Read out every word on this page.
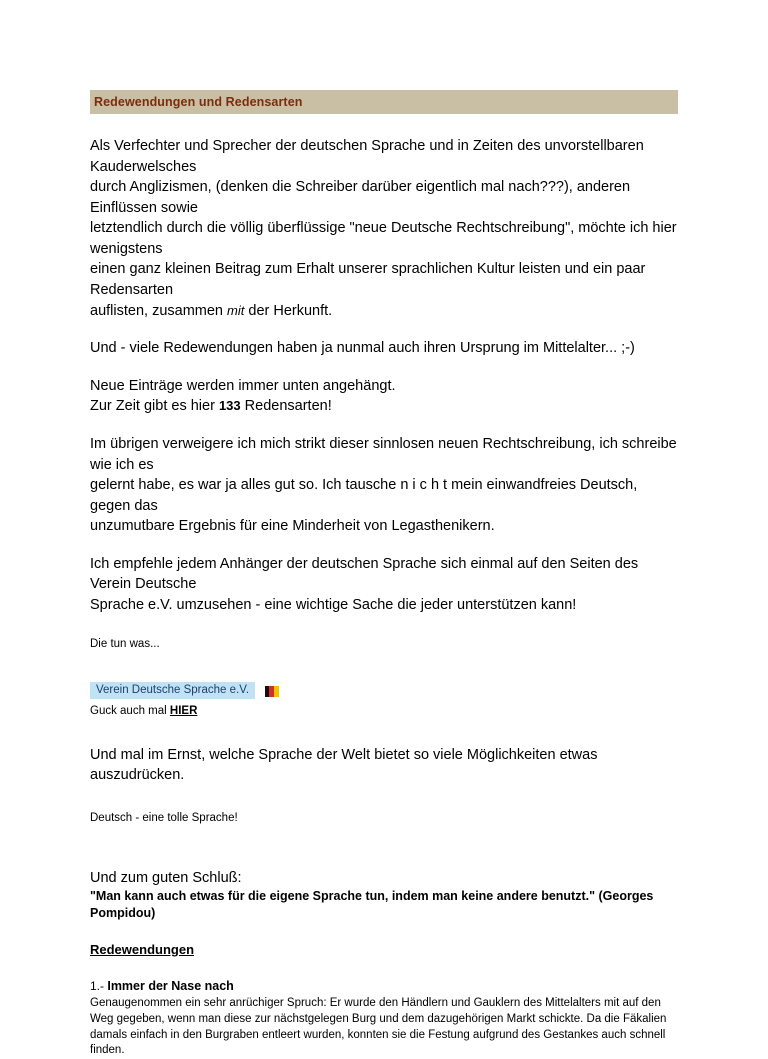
Redewendungen und Redensarten

Als Verfechter und Sprecher der deutschen Sprache und in Zeiten des unvorstellbaren Kauderwelsches
durch Anglizismen, (denken die Schreiber darüber eigentlich mal nach???), anderen Einflüssen sowie
letztendlich durch die völlig überflüssige "neue Deutsche Rechtschreibung", möchte ich hier wenigstens
einen ganz kleinen Beitrag zum Erhalt unserer sprachlichen Kultur leisten und ein paar Redensarten
auflisten, zusammen mit der Herkunft.

Und - viele Redewendungen haben ja nunmal auch ihren Ursprung im Mittelalter... ;-)

Neue Einträge werden immer unten angehängt.
Zur Zeit gibt es hier 133 Redensarten!

Im übrigen verweigere ich mich strikt dieser sinnlosen neuen Rechtschreibung, ich schreibe wie ich es
gelernt habe, es war ja alles gut so. Ich tausche n i c h t mein einwandfreies Deutsch, gegen das
unzumutbare Ergebnis für eine Minderheit von Legasthenikern.

Ich empfehle jedem Anhänger der deutschen Sprache sich einmal auf den Seiten des Verein Deutsche
Sprache e.V. umzusehen - eine wichtige Sache die jeder unterstützen kann!

Die tun was...
Verein Deutsche Sprache e.V.
Guck auch mal HIER
Und mal im Ernst, welche Sprache der Welt bietet so viele Möglichkeiten etwas
auszudrücken.
Deutsch - eine tolle Sprache!
Und zum guten Schluß:
"Man kann auch etwas für die eigene Sprache tun, indem man keine andere benutzt." (Georges Pompidou)
Redewendungen
1.- Immer der Nase nach
Genaugenommen ein sehr anrüchiger Spruch: Er wurde den Händlern und Gauklern des Mittelalters mit auf den Weg gegeben, wenn man diese zur nächstgelegen Burg und dem dazugehörigen Markt schickte. Da die Fäkalien damals einfach in den Burgraben entleert wurden, konnten sie die Festung aufgrund des Gestankes auch schnell finden.
